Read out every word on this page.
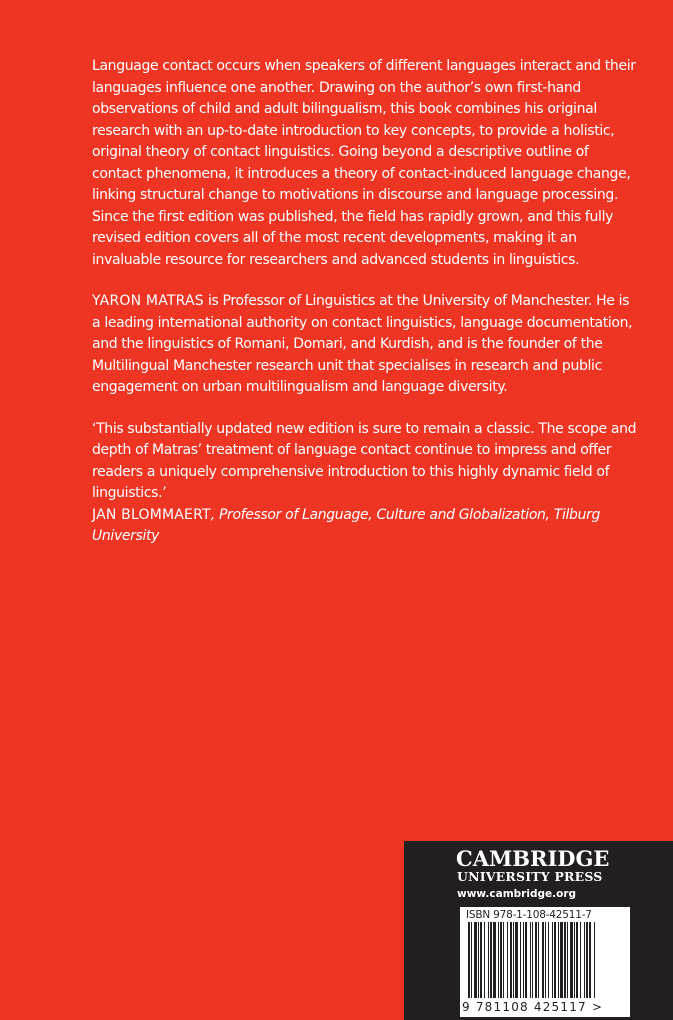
Language contact occurs when speakers of different languages interact and their languages influence one another. Drawing on the author’s own first-hand observations of child and adult bilingualism, this book combines his original research with an up-to-date introduction to key concepts, to provide a holistic, original theory of contact linguistics. Going beyond a descriptive outline of contact phenomena, it introduces a theory of contact-induced language change, linking structural change to motivations in discourse and language processing. Since the first edition was published, the field has rapidly grown, and this fully revised edition covers all of the most recent developments, making it an invaluable resource for researchers and advanced students in linguistics.

YARON MATRAS is Professor of Linguistics at the University of Manchester. He is a leading international authority on contact linguistics, language documentation, and the linguistics of Romani, Domari, and Kurdish, and is the founder of the Multilingual Manchester research unit that specialises in research and public engagement on urban multilingualism and language diversity.

‘This substantially updated new edition is sure to remain a classic. The scope and depth of Matras’ treatment of language contact continue to impress and offer readers a uniquely comprehensive introduction to this highly dynamic field of linguistics.’

JAN BLOMMAERT, Professor of Language, Culture and Globalization, Tilburg University

CAMBRIDGE
UNIVERSITY PRESS
www.cambridge.org
ISBN 978-1-108-42511-7
9 781108 425117 >
